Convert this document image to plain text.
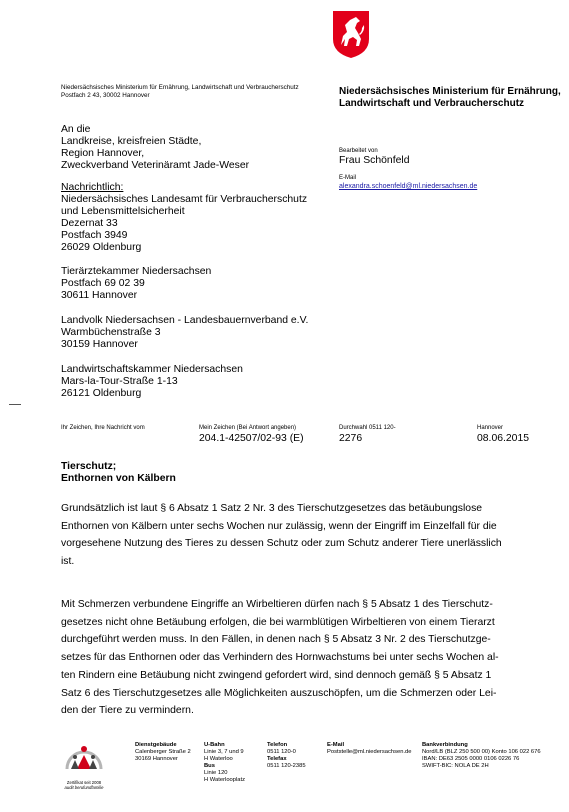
Niedersächsisches Ministerium für Ernährung, Landwirtschaft und Verbraucherschutz
Postfach 2 43, 30002 Hannover	Niedersächsisches Ministerium für Ernährung,
Landwirtschaft und Verbraucherschutz
An die
Landkreise, kreisfreien Städte,
Region Hannover,
Zweckverband Veterinäramt Jade-Weser
Nachrichtlich:
Niedersächsisches Landesamt für Verbraucherschutz
und Lebensmittelsicherheit
Dezernat 33
Postfach 3949
26029 Oldenburg
Tierärztekammer Niedersachsen
Postfach 69 02 39
30611 Hannover
Landvolk Niedersachsen - Landesbauernverband e.V.
Warmbüchenstraße 3
30159 Hannover
Landwirtschaftskammer Niedersachsen
Mars-la-Tour-Straße 1-13
26121 Oldenburg
Bearbeitet von
Frau Schönfeld
E-Mail
alexandra.schoenfeld@ml.niedersachsen.de
Ihr Zeichen, Ihre Nachricht vom	Mein Zeichen (Bei Antwort angeben)
204.1-42507/02-93 (E)
Durchwahl 0511 120-
2276
Hannover
08.06.2015
Tierschutz;
Enthornen von Kälbern
Grundsätzlich ist laut § 6 Absatz 1 Satz 2 Nr. 3 des Tierschutzgesetzes das betäubungslose
Enthornen von Kälbern unter sechs Wochen nur zulässig, wenn der Eingriff im Einzelfall für die
vorgesehene Nutzung des Tieres zu dessen Schutz oder zum Schutz anderer Tiere unerlässlich
ist.
Mit Schmerzen verbundene Eingriffe an Wirbeltieren dürfen nach § 5 Absatz 1 des Tierschutz-
gesetzes nicht ohne Betäubung erfolgen, die bei warmblütigen Wirbeltieren von einem Tierarzt
durchgeführt werden muss. In den Fällen, in denen nach § 5 Absatz 3 Nr. 2 des Tierschutzge-
setzes für das Enthornen oder das Verhindern des Hornwachstums bei unter sechs Wochen al-
ten Rindern eine Betäubung nicht zwingend gefordert wird, sind dennoch gemäß § 5 Absatz 1
Satz 6 des Tierschutzgesetzes alle Möglichkeiten auszuschöpfen, um die Schmerzen oder Lei-
den der Tiere zu vermindern.
Zertifikat seit 2008
audit berufundfamilie
Dienstgebäude
Calenberger Straße 2
30169 Hannover
U-Bahn
Linie 3, 7 und 9
H Waterloo
Bus
Linie 120
H Waterlooplatz
Telefon
0511 120-0
Telefax
0511 120-2385
E-Mail
Poststelle@ml.niedersachsen.de
Bankverbindung
Nord/LB (BLZ 250 500 00) Konto 106 022 676
IBAN: DE63 2505 0000 0106 0226 76
SWIFT-BIC: NOLA DE 2H
